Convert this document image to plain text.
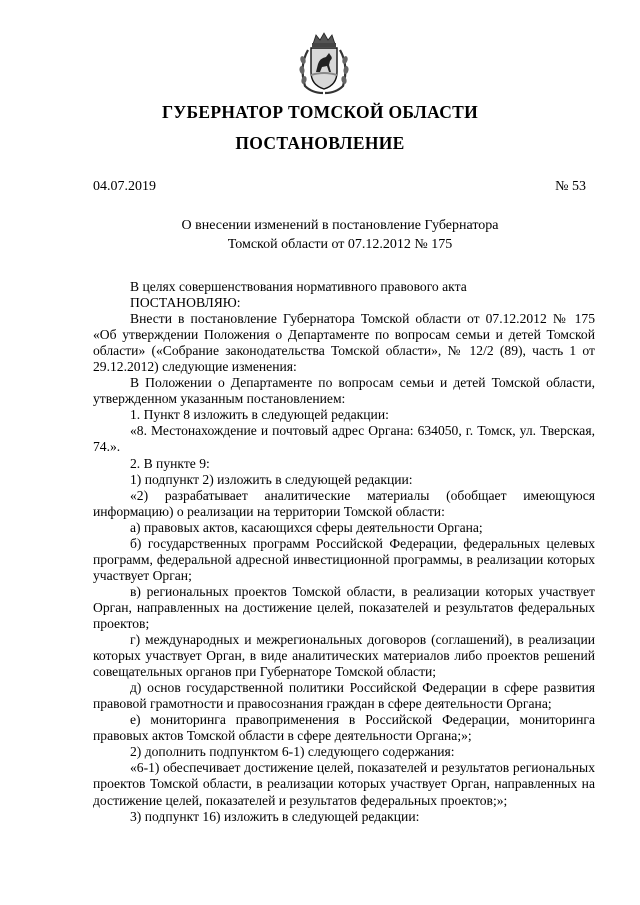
ГУБЕРНАТОР ТОМСКОЙ ОБЛАСТИ
ПОСТАНОВЛЕНИЕ
04.07.2019	№ 53
О внесении изменений в постановление Губернатора
Томской области от 07.12.2012 № 175

В целях совершенствования нормативного правового акта

ПОСТАНОВЛЯЮ:

Внести в постановление Губернатора Томской области от 07.12.2012 № 175 «Об утверждении Положения о Департаменте по вопросам семьи и детей Томской области» («Собрание законодательства Томской области», № 12/2 (89), часть 1 от 29.12.2012) следующие изменения:

В Положении о Департаменте по вопросам семьи и детей Томской области, утвержденном указанным постановлением:

1. Пункт 8 изложить в следующей редакции:

«8. Местонахождение и почтовый адрес Органа: 634050, г. Томск, ул. Тверская, 74.».

2. В пункте 9:

1) подпункт 2) изложить в следующей редакции:

«2) разрабатывает аналитические материалы (обобщает имеющуюся информацию) о реализации на территории Томской области:

а) правовых актов, касающихся сферы деятельности Органа;

б) государственных программ Российской Федерации, федеральных целевых программ, федеральной адресной инвестиционной программы, в реализации которых участвует Орган;

в) региональных проектов Томской области, в реализации которых участвует Орган, направленных на достижение целей, показателей и результатов федеральных проектов;

г) международных и межрегиональных договоров (соглашений), в реализации которых участвует Орган, в виде аналитических материалов либо проектов решений совещательных органов при Губернаторе Томской области;

д) основ государственной политики Российской Федерации в сфере развития правовой грамотности и правосознания граждан в сфере деятельности Органа;

е) мониторинга правоприменения в Российской Федерации, мониторинга правовых актов Томской области в сфере деятельности Органа;»;

2) дополнить подпунктом 6-1) следующего содержания:

«6-1) обеспечивает достижение целей, показателей и результатов региональных проектов Томской области, в реализации которых участвует Орган, направленных на достижение целей, показателей и результатов федеральных проектов;»;

3) подпункт 16) изложить в следующей редакции:
